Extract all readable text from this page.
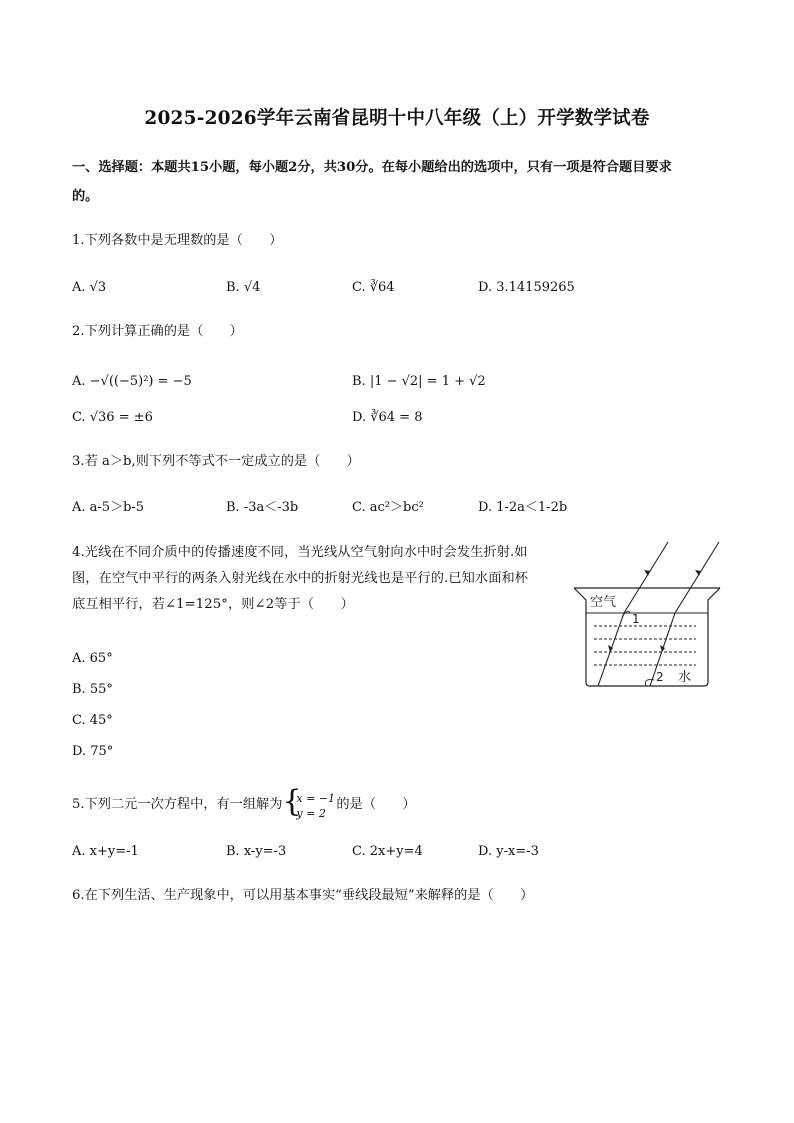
2025-2026学年云南省昆明十中八年级（上）开学数学试卷
一、选择题：本题共15小题，每小题2分，共30分。在每小题给出的选项中，只有一项是符合题目要求
的。
1.下列各数中是无理数的是（　　）
A. √3	B. √4	C. ∛64	D. 3.14159265
2.下列计算正确的是（　　）
A. −√((−5)²) = −5	B. |1 − √2| = 1 + √2
C. √36 = ±6	D. ∛64 = 8
3.若 a＞b,则下列不等式不一定成立的是（　　）
A. a-5＞b-5	B. -3a＜-3b	C. ac²＞bc²	D. 1-2a＜1-2b
4.光线在不同介质中的传播速度不同，当光线从空气射向水中时会发生折射.如
图，在空气中平行的两条入射光线在水中的折射光线也是平行的.已知水面和杯
底互相平行，若∠1=125°，则∠2等于（　　）
A. 65°
B. 55°
C. 45°
D. 75°
空气
1
2 水
5.下列二元一次方程中，有一组解为 {
x = −1
y = 2
的是（　　）
A. x+y=-1	B. x-y=-3	C. 2x+y=4	D. y-x=-3
6.在下列生活、生产现象中，可以用基本事实“垂线段最短”来解释的是（　　）
